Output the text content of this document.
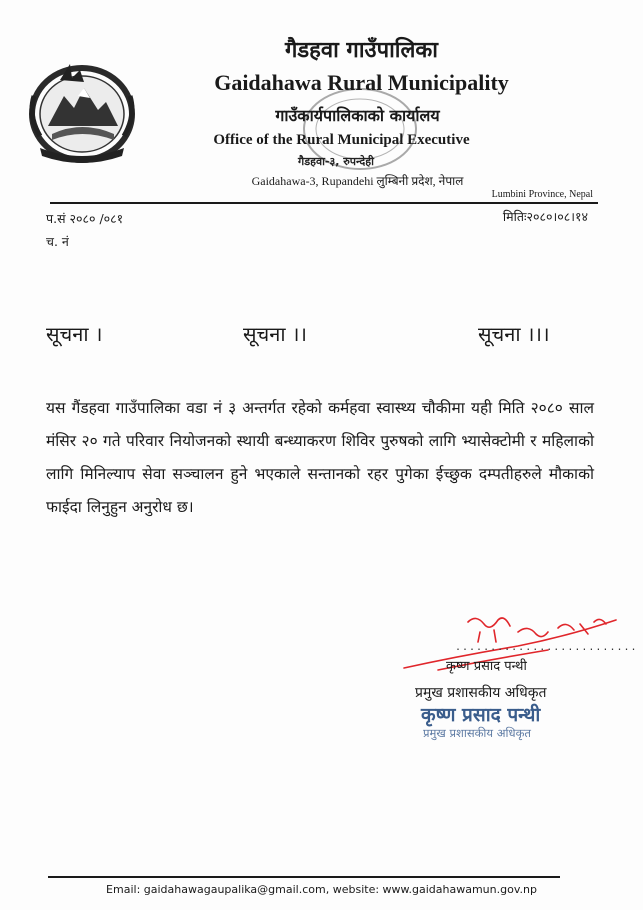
गैडहवा गाउँपालिका
Gaidahawa Rural Municipality
गाउँकार्यपालिकाको कार्यालय
Office of the Rural Municipal Executive
गैडहवा-३, रुपन्देही
Gaidahawa-3, Rupandehi लुम्बिनी प्रदेश, नेपाल
Lumbini Province, Nepal
प.सं २०८० /०८१
च. नं
मितिः२०८०।०८।१४
सूचना ।	सूचना ।।	सूचना ।।।

यस गैंडहवा गाउँपालिका वडा नं ३ अन्तर्गत रहेको कर्महवा स्वास्थ्य चौकीमा यही मिति २०८० साल मंसिर २० गते परिवार नियोजनको स्थायी बन्ध्याकरण शिविर पुरुषको लागि भ्यासेक्टोमी र महिलाको लागि मिनिल्याप सेवा सञ्चालन हुने भएकाले सन्तानको रहर पुगेका ईच्छुक दम्पतीहरुले मौकाको फाईदा लिनुहुन अनुरोध छ।

..........................
कृष्ण प्रसाद पन्थी
प्रमुख प्रशासकीय अधिकृत
कृष्ण प्रसाद पन्थी
प्रमुख प्रशासकीय अधिकृत
Email: gaidahawagaupalika@gmail.com, website: www.gaidahawamun.gov.np
